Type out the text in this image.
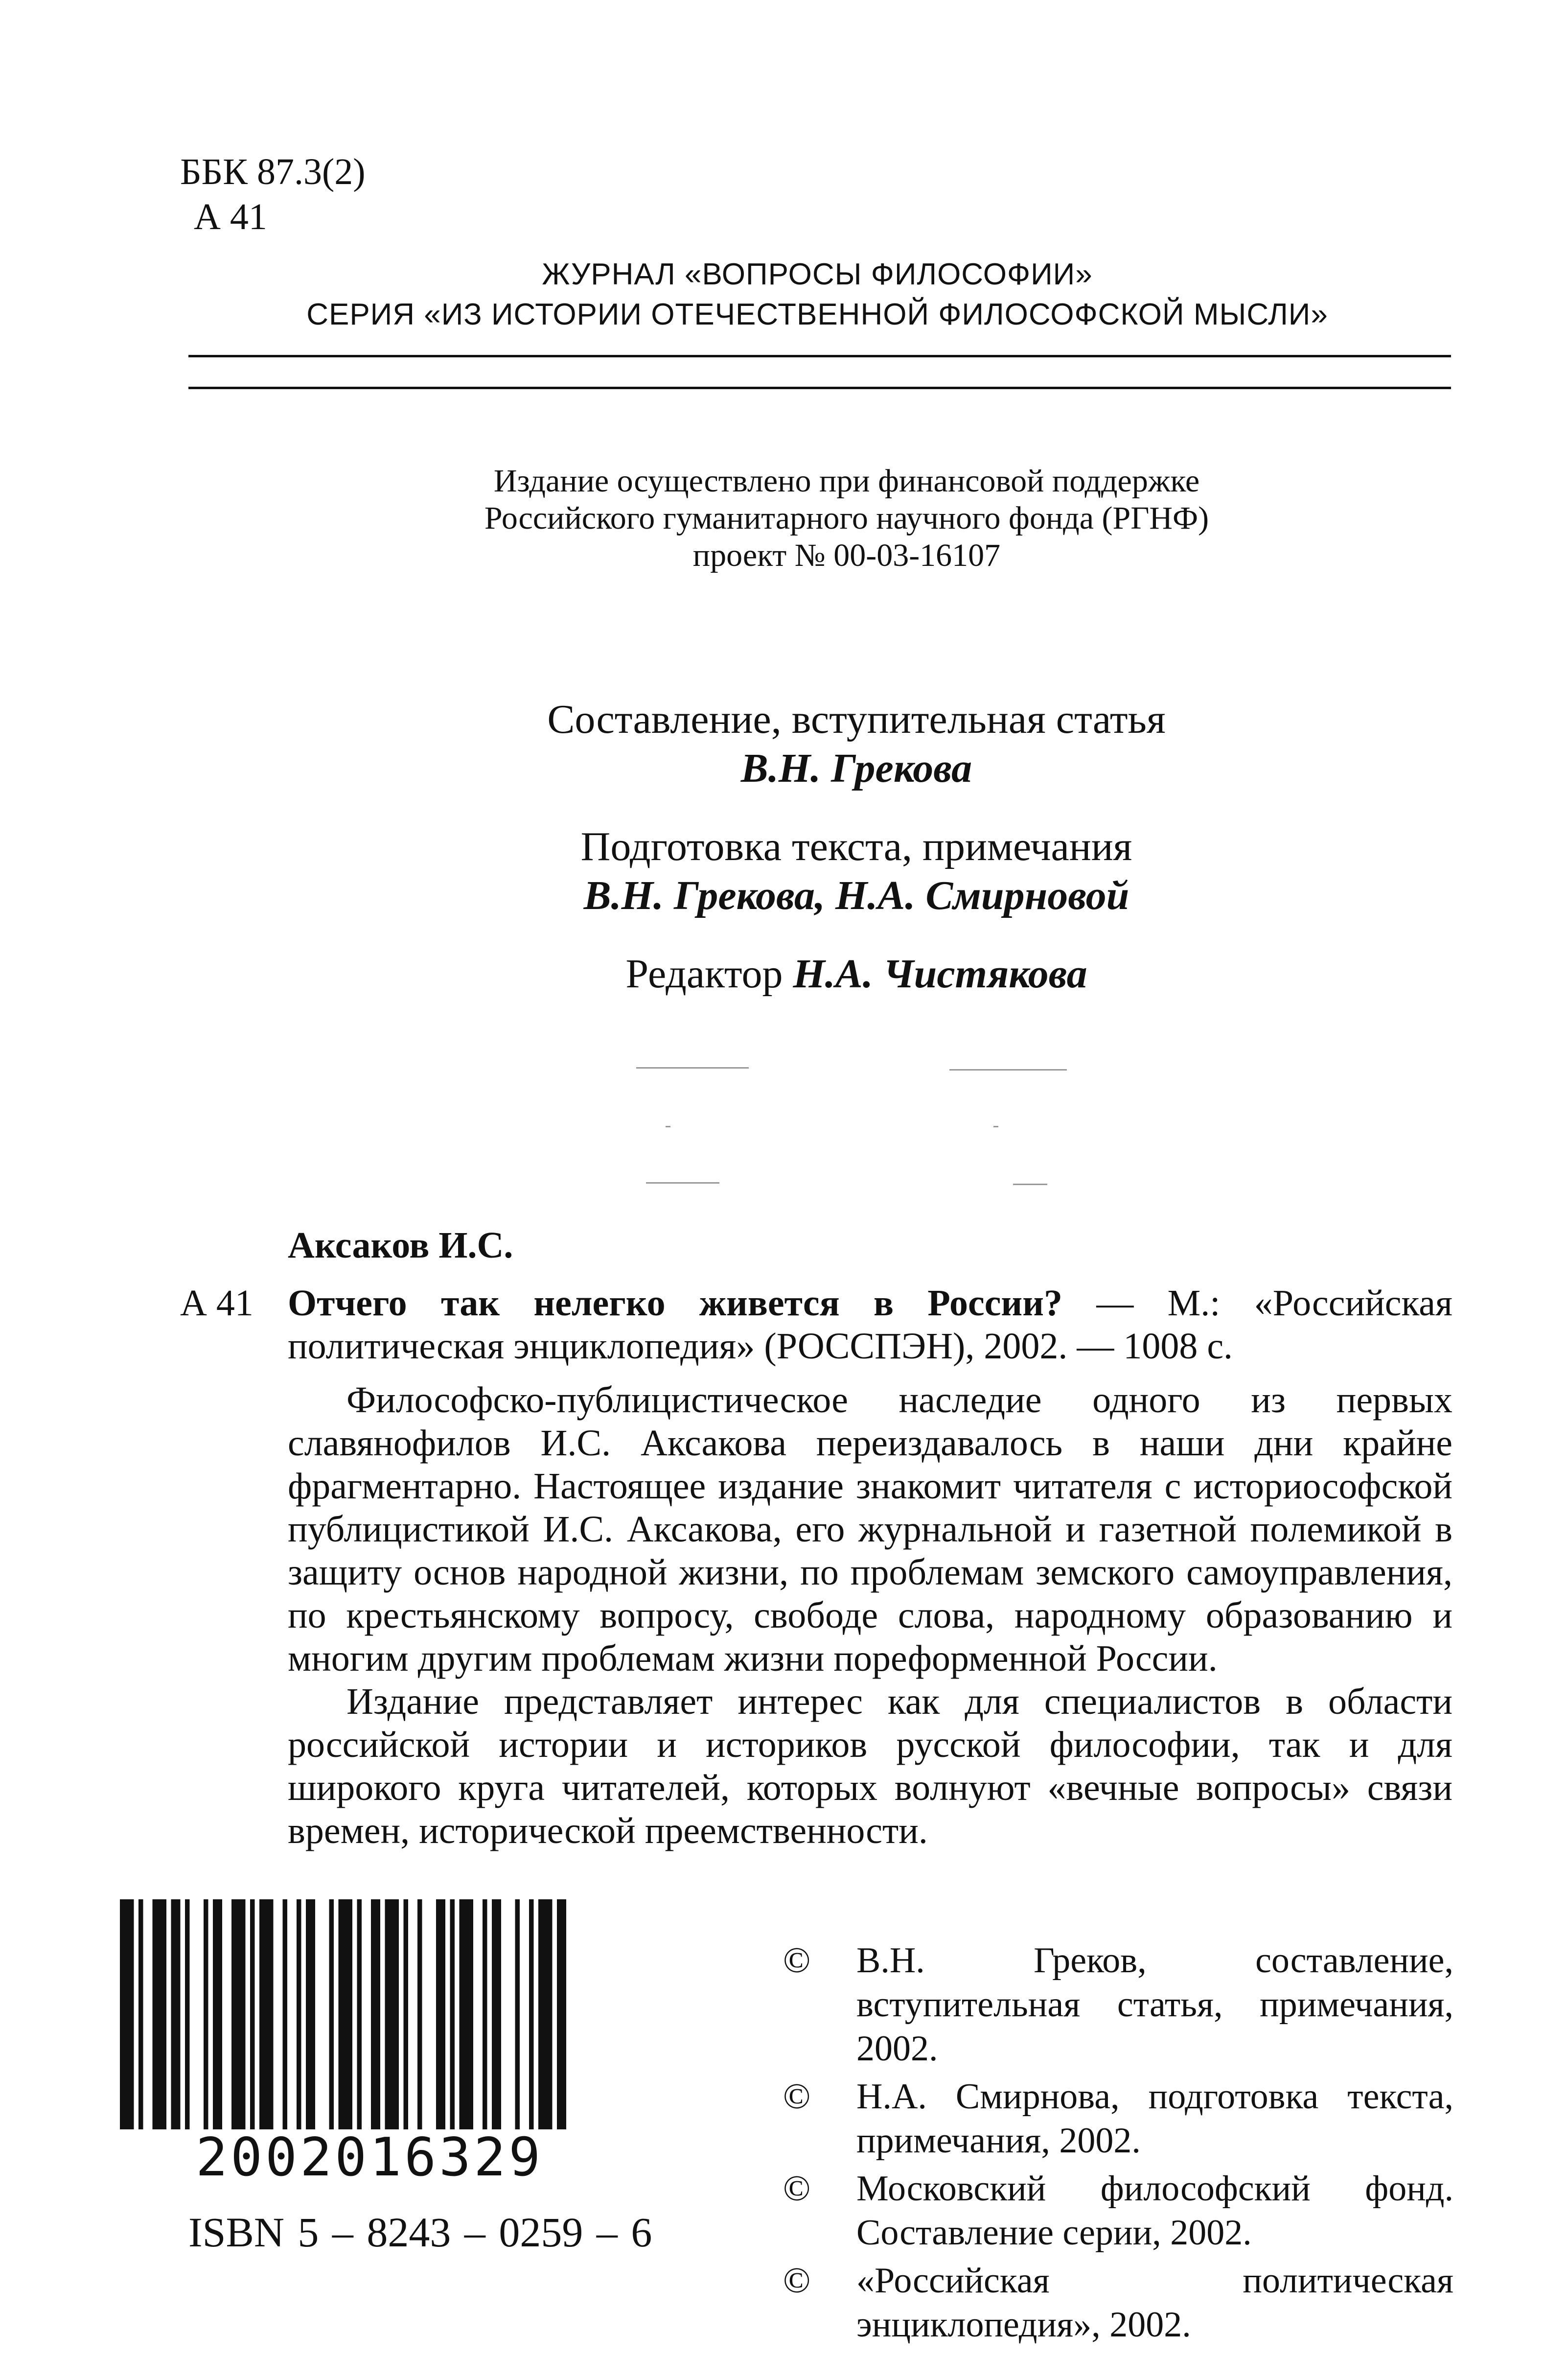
ББК 87.3(2)
А 41
ЖУРНАЛ «ВОПРОСЫ ФИЛОСОФИИ»
СЕРИЯ «ИЗ ИСТОРИИ ОТЕЧЕСТВЕННОЙ ФИЛОСОФСКОЙ МЫСЛИ»
Издание осуществлено при финансовой поддержке
Российского гуманитарного научного фонда (РГНФ)
проект № 00-03-16107
Составление, вступительная статья
В.Н. Грекова
Подготовка текста, примечания
В.Н. Грекова, Н.А. Смирновой
Редактор Н.А. Чистякова
Аксаков И.С.
А 41 Отчего так нелегко живется в России? — М.: «Российская политическая энциклопедия» (РОССПЭН), 2002. — 1008 с.

Философско-публицистическое наследие одного из первых славянофилов И.С. Аксакова переиздавалось в наши дни крайне фрагментарно. Настоящее издание знакомит читателя с историософской публицистикой И.С. Аксакова, его журнальной и газетной полемикой в защиту основ народной жизни, по проблемам земского самоуправления, по крестьянскому вопросу, свободе слова, народному образованию и многим другим проблемам жизни пореформенной России.

Издание представляет интерес как для специалистов в области российской истории и историков русской философии, так и для широкого круга читателей, которых волнуют «вечные вопросы» связи времен, исторической преемственности.

2002016329
ISBN 5 – 8243 – 0259 – 6
©	В.Н. Греков, составление, вступительная статья, примечания, 2002.
©	Н.А. Смирнова, подготовка текста, примечания, 2002.
©	Московский философский фонд. Составление серии, 2002.
©	«Российская политическая энциклопедия», 2002.
